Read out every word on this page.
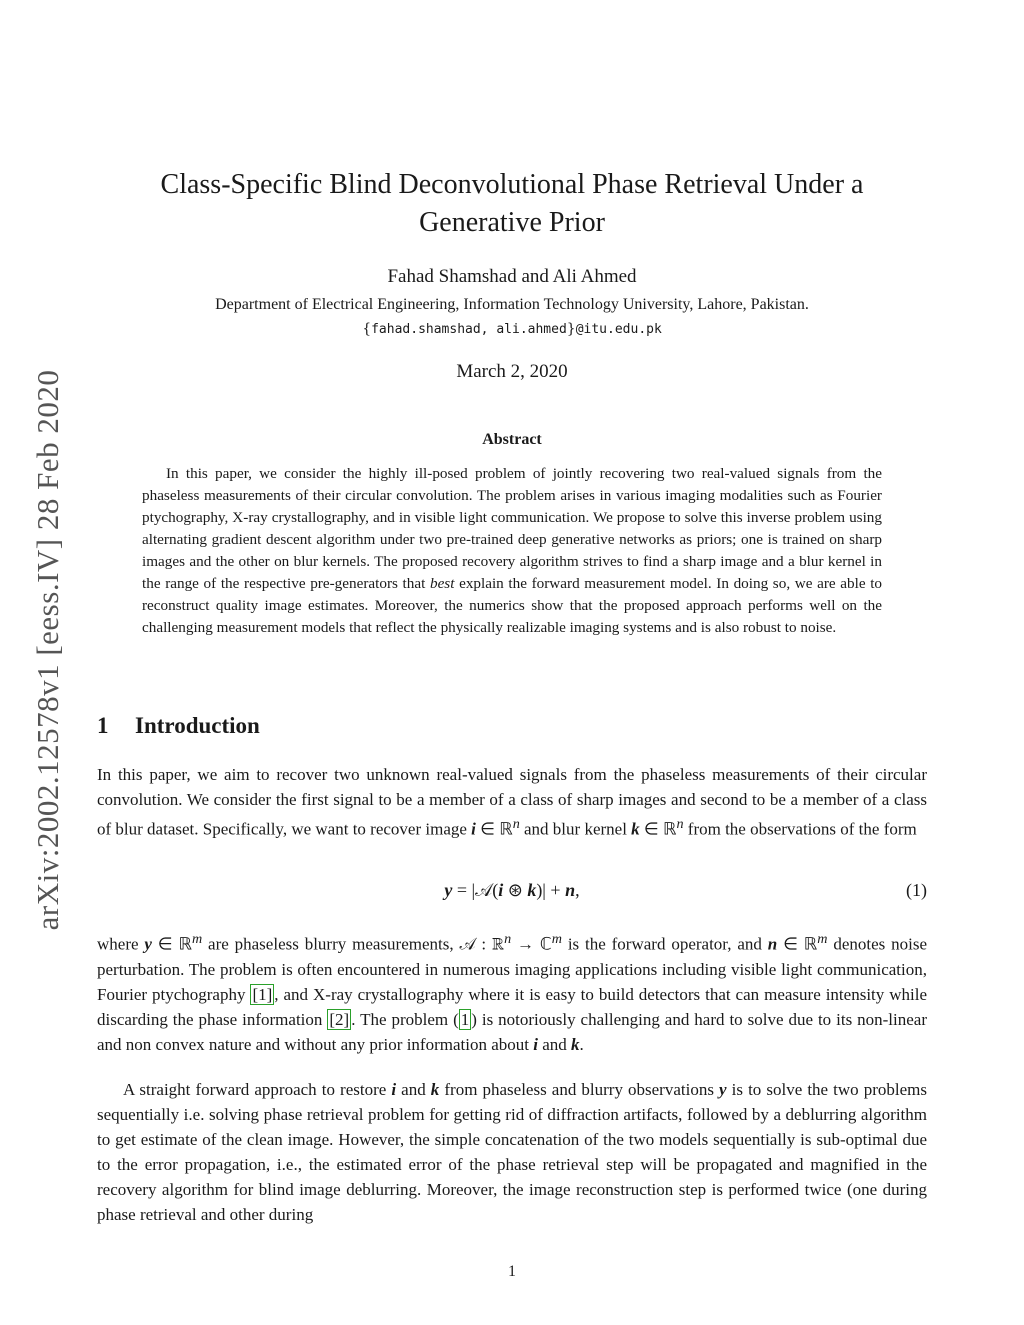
arXiv:2002.12578v1 [eess.IV] 28 Feb 2020
Class-Specific Blind Deconvolutional Phase Retrieval Under a Generative Prior
Fahad Shamshad and Ali Ahmed
Department of Electrical Engineering, Information Technology University, Lahore, Pakistan.
{fahad.shamshad, ali.ahmed}@itu.edu.pk
March 2, 2020
Abstract

In this paper, we consider the highly ill-posed problem of jointly recovering two real-valued signals from the phaseless measurements of their circular convolution. The problem arises in various imaging modalities such as Fourier ptychography, X-ray crystallography, and in visible light communication. We propose to solve this inverse problem using alternating gradient descent algorithm under two pre-trained deep generative networks as priors; one is trained on sharp images and the other on blur kernels. The proposed recovery algorithm strives to find a sharp image and a blur kernel in the range of the respective pre-generators that best explain the forward measurement model. In doing so, we are able to reconstruct quality image estimates. Moreover, the numerics show that the proposed approach performs well on the challenging measurement models that reflect the physically realizable imaging systems and is also robust to noise.

1 Introduction

In this paper, we aim to recover two unknown real-valued signals from the phaseless measurements of their circular convolution. We consider the first signal to be a member of a class of sharp images and second to be a member of a class of blur dataset. Specifically, we want to recover image i ∈ ℝ$^n$ and blur kernel k ∈ ℝ$^n$ from the observations of the form

y = |𝒜(i ⊛ k)| + n,	(1)

where y ∈ ℝ$^m$ are phaseless blurry measurements, 𝒜 : ℝ$^n$ → ℂ$^m$ is the forward operator, and n ∈ ℝ$^m$ denotes noise perturbation. The problem is often encountered in numerous imaging applications including visible light communication, Fourier ptychography [1] , and X-ray crystallography where it is easy to build detectors that can measure intensity while discarding the phase information [2] . The problem ( 1 ) is notoriously challenging and hard to solve due to its non-linear and non convex nature and without any prior information about i and k.

A straight forward approach to restore i and k from phaseless and blurry observations y is to solve the two problems sequentially i.e. solving phase retrieval problem for getting rid of diffraction artifacts, followed by a deblurring algorithm to get estimate of the clean image. However, the simple concatenation of the two models sequentially is sub-optimal due to the error propagation, i.e., the estimated error of the phase retrieval step will be propagated and magnified in the recovery algorithm for blind image deblurring. Moreover, the image reconstruction step is performed twice (one during phase retrieval and other during

1
